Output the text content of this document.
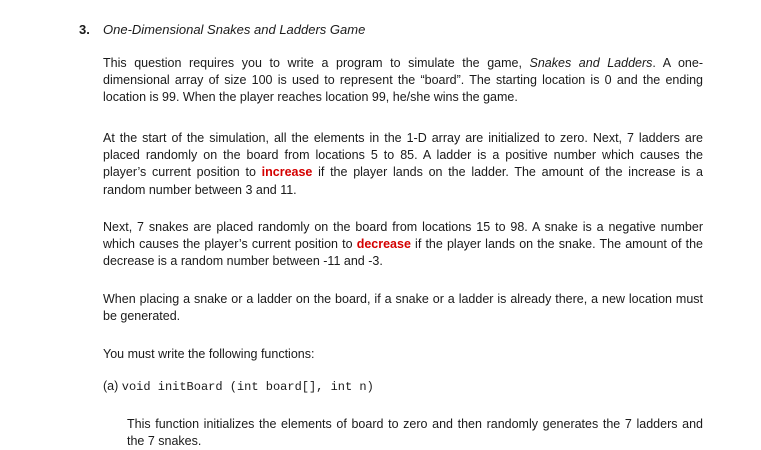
3. One-Dimensional Snakes and Ladders Game

This question requires you to write a program to simulate the game, Snakes and Ladders. A one-dimensional array of size 100 is used to represent the “board”. The starting location is 0 and the ending location is 99. When the player reaches location 99, he/she wins the game.

At the start of the simulation, all the elements in the 1-D array are initialized to zero. Next, 7 ladders are placed randomly on the board from locations 5 to 85. A ladder is a positive number which causes the player’s current position to increase if the player lands on the ladder. The amount of the increase is a random number between 3 and 11.

Next, 7 snakes are placed randomly on the board from locations 15 to 98. A snake is a negative number which causes the player’s current position to decrease if the player lands on the snake. The amount of the decrease is a random number between -11 and -3.

When placing a snake or a ladder on the board, if a snake or a ladder is already there, a new location must be generated.

You must write the following functions:

(a) void initBoard (int board[], int n)

This function initializes the elements of board to zero and then randomly generates the 7 ladders and the 7 snakes.
